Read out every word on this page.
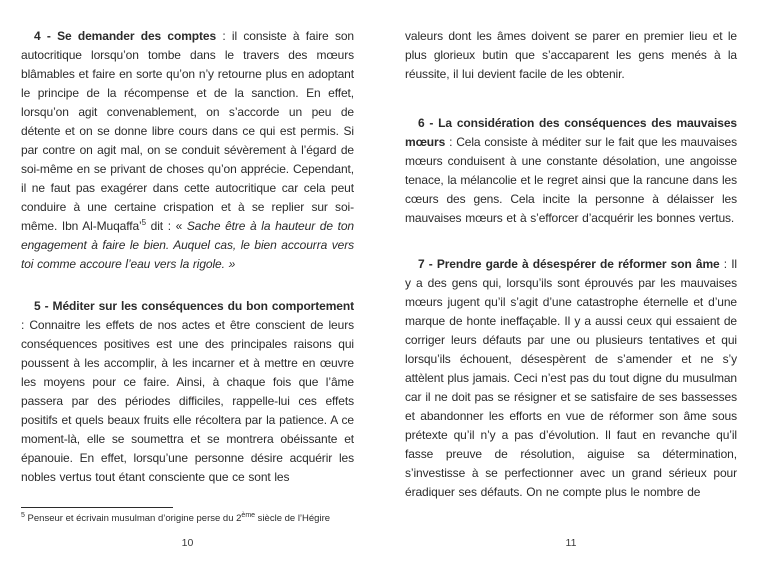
4 - Se demander des comptes : il consiste à faire son autocritique lorsqu’on tombe dans le travers des mœurs blâmables et faire en sorte qu’on n’y retourne plus en adoptant le principe de la récompense et de la sanction. En effet, lorsqu’on agit convenablement, on s’accorde un peu de détente et on se donne libre cours dans ce qui est permis. Si par contre on agit mal, on se conduit sévèrement à l’égard de soi-même en se privant de choses qu’on apprécie. Cependant, il ne faut pas exagérer dans cette autocritique car cela peut conduire à une certaine crispation et à se replier sur soi-même. Ibn Al-Muqaffa’$^5$ dit : « Sache être à la hauteur de ton engagement à faire le bien. Auquel cas, le bien accourra vers toi comme accoure l’eau vers la rigole. »

5 - Méditer sur les conséquences du bon comportement : Connaitre les effets de nos actes et être conscient de leurs conséquences positives est une des principales raisons qui poussent à les accomplir, à les incarner et à mettre en œuvre les moyens pour ce faire. Ainsi, à chaque fois que l’âme passera par des périodes difficiles, rappelle-lui ces effets positifs et quels beaux fruits elle récoltera par la patience. A ce moment-là, elle se soumettra et se montrera obéissante et épanouie. En effet, lorsqu’une personne désire acquérir les nobles vertus tout étant consciente que ce sont les

$^5$ Penseur et écrivain musulman d’origine perse du 2ème siècle de l’Hégire
10

valeurs dont les âmes doivent se parer en premier lieu et le plus glorieux butin que s’accaparent les gens menés à la réussite, il lui devient facile de les obtenir.

6 - La considération des conséquences des mauvaises mœurs : Cela consiste à méditer sur le fait que les mauvaises mœurs conduisent à une constante désolation, une angoisse tenace, la mélancolie et le regret ainsi que la rancune dans les cœurs des gens. Cela incite la personne à délaisser les mauvaises mœurs et à s’efforcer d’acquérir les bonnes vertus.

7 - Prendre garde à désespérer de réformer son âme : Il y a des gens qui, lorsqu’ils sont éprouvés par les mauvaises mœurs jugent qu’il s’agit d’une catastrophe éternelle et d’une marque de honte ineffaçable. Il y a aussi ceux qui essaient de corriger leurs défauts par une ou plusieurs tentatives et qui lorsqu’ils échouent, désespèrent de s’amender et ne s’y attèlent plus jamais. Ceci n’est pas du tout digne du musulman car il ne doit pas se résigner et se satisfaire de ses bassesses et abandonner les efforts en vue de réformer son âme sous prétexte qu’il n’y a pas d’évolution. Il faut en revanche qu’il fasse preuve de résolution, aiguise sa détermination, s’investisse à se perfectionner avec un grand sérieux pour éradiquer ses défauts. On ne compte plus le nombre de

11
